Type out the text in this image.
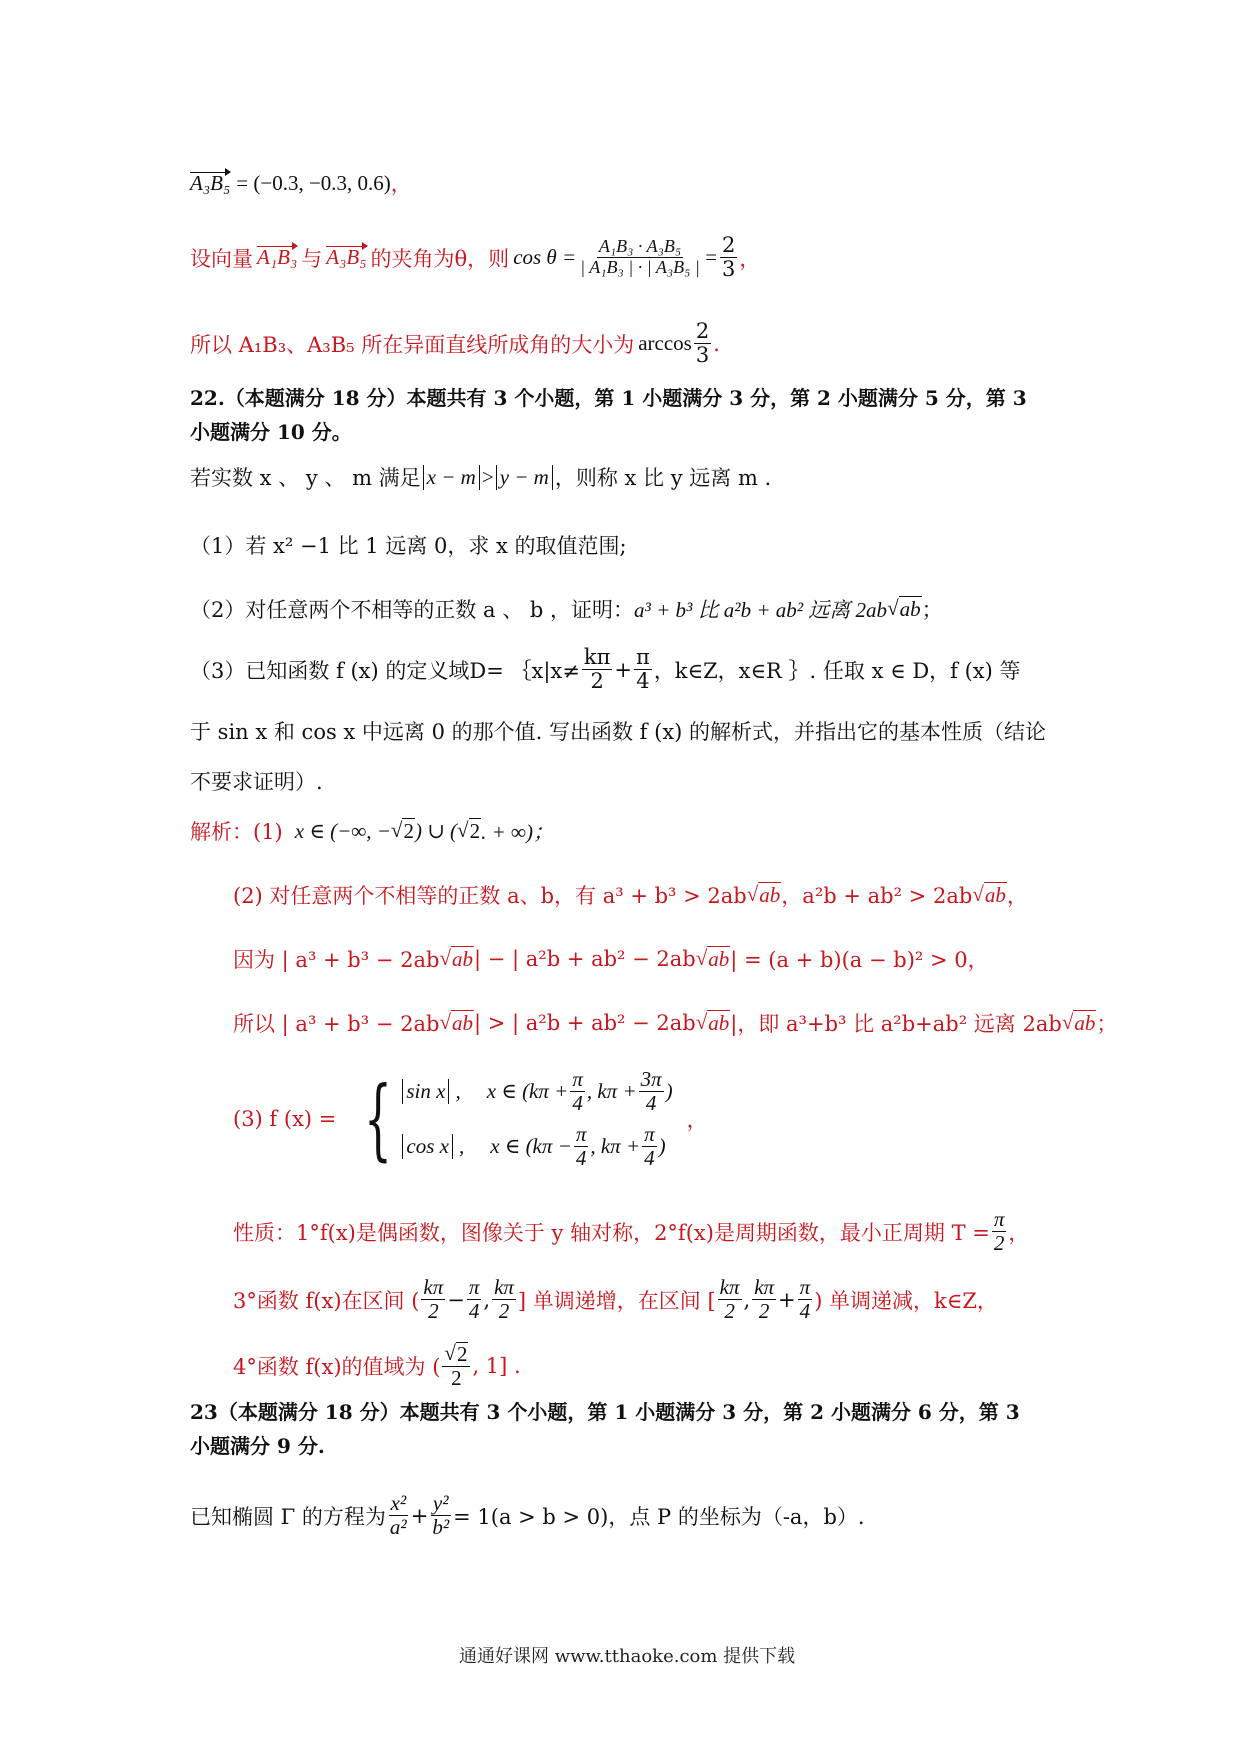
A₃B₅ = (−0.3, −0.3, 0.6) ，
设向量 A₁B₃ 与 A₃B₅ 的夹角为θ，则 $\cos \theta = \frac{\text{A₁B₃ · A₃B₅}}{\text{| A₁B₃ | · | A₃B₅ |}} = \frac{2}{3}$ ，
所以 A₁B₃、A₃B₅ 所在异面直线所成角的大小为 $\arccos \frac{2}{3}$ .
22.（本题满分 18 分）本题共有 3 个小题，第 1 小题满分 3 分，第 2 小题满分 5 分，第 3
小题满分 10 分。
若实数 x 、 y 、 m 满足 x − m > y − m ，则称 x 比 y 远离 m .
（1）若 x² −1 比 1 远离 0，求 x 的取值范围;
（2）对任意两个不相等的正数 a 、 b ，证明： a³ + b³ 比 a²b + ab² 远离 2ab √ ab ；
（3）已知函数 f (x) 的定义域D= ｛x|x≠ $\frac{k\pi}{2} + \frac{\pi}{4}$ ，k∈Z，x∈R ｝. 任取 x ∈ D，f (x) 等
于 sin x 和 cos x 中远离 0 的那个值. 写出函数 f (x) 的解析式，并指出它的基本性质（结论
不要求证明）.
解析：(1) x ∈ (−∞, − √ 2 ) ∪ ( √ 2 . + ∞)；
(2) 对任意两个不相等的正数 a、b，有 a³ + b³ > 2ab √ ab ，a²b + ab² > 2ab √ ab ，
因为 | a³ + b³ − 2ab √ ab | − | a²b + ab² − 2ab √ ab | = (a + b)(a − b)² > 0，
所以 | a³ + b³ − 2ab √ ab | > | a²b + ab² − 2ab √ ab |，即 a³+b³ 比 a²b+ab² 远离 2ab √ ab ；
(3) f (x) = { sin x , x ∈ ($k\pi + \frac{\pi}{4}$ , $k\pi + \frac{3\pi}{4}$ )
cos x , x ∈ ($k\pi - \frac{\pi}{4}$ , $k\pi + \frac{\pi}{4}$ )
，
性质：1°f(x)是偶函数，图像关于 y 轴对称，2°f(x)是周期函数，最小正周期 $T = \frac{\pi}{2}$ ，
3°函数 f(x)在区间 ( $\frac{k\pi}{2} - \frac{\pi}{4}$ , $\frac{k\pi}{2}$ ] 单调递增，在区间 [ $\frac{k\pi}{2}$ , $\frac{k\pi}{2} + \frac{\pi}{4}$ ) 单调递减，k∈Z，
4°函数 f(x)的值域为 ( $\frac{√ 2}{2}$ , 1] .
23（本题满分 18 分）本题共有 3 个小题，第 1 小题满分 3 分，第 2 小题满分 6 分，第 3
小题满分 9 分.
已知椭圆 Γ 的方程为 $\frac{\text{x²}}{\text{a²}} + \frac{\text{y²}}{\text{b²}} = 1(a > b > 0)$，点 P 的坐标为（-a，b）.
通通好课网 www.tthaoke.com 提供下载
